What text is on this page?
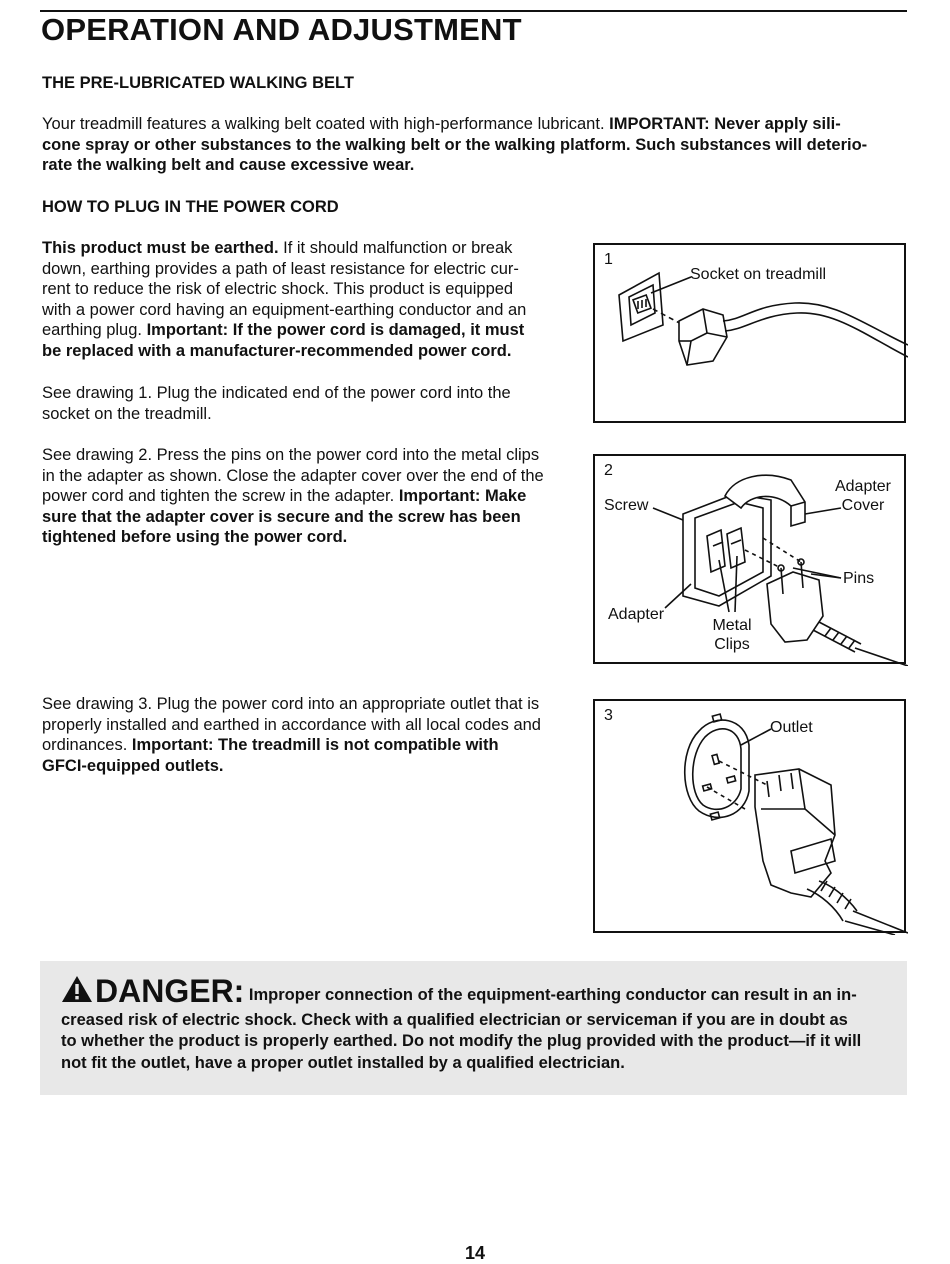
OPERATION AND ADJUSTMENT
THE PRE-LUBRICATED WALKING BELT
Your treadmill features a walking belt coated with high-performance lubricant. IMPORTANT: Never apply sili-
cone spray or other substances to the walking belt or the walking platform. Such substances will deterio-
rate the walking belt and cause excessive wear.
HOW TO PLUG IN THE POWER CORD
This product must be earthed. If it should malfunction or break
down, earthing provides a path of least resistance for electric cur-
rent to reduce the risk of electric shock. This product is equipped
with a power cord having an equipment-earthing conductor and an
earthing plug. Important: If the power cord is damaged, it must
be replaced with a manufacturer-recommended power cord.
See drawing 1. Plug the indicated end of the power cord into the
socket on the treadmill.
See drawing 2. Press the pins on the power cord into the metal clips
in the adapter as shown. Close the adapter cover over the end of the
power cord and tighten the screw in the adapter. Important: Make
sure that the adapter cover is secure and the screw has been
tightened before using the power cord.
See drawing 3. Plug the power cord into an appropriate outlet that is
properly installed and earthed in accordance with all local codes and
ordinances. Important: The treadmill is not compatible with
GFCI-equipped outlets.
1
Socket on treadmill
2
Screw
Adapter
Cover
Pins
Adapter
Metal
Clips
3
Outlet

DANGER: Improper connection of the equipment-earthing conductor can result in an in-
creased risk of electric shock. Check with a qualified electrician or serviceman if you are in doubt as
to whether the product is properly earthed. Do not modify the plug provided with the product—if it will
not fit the outlet, have a proper outlet installed by a qualified electrician.

14
